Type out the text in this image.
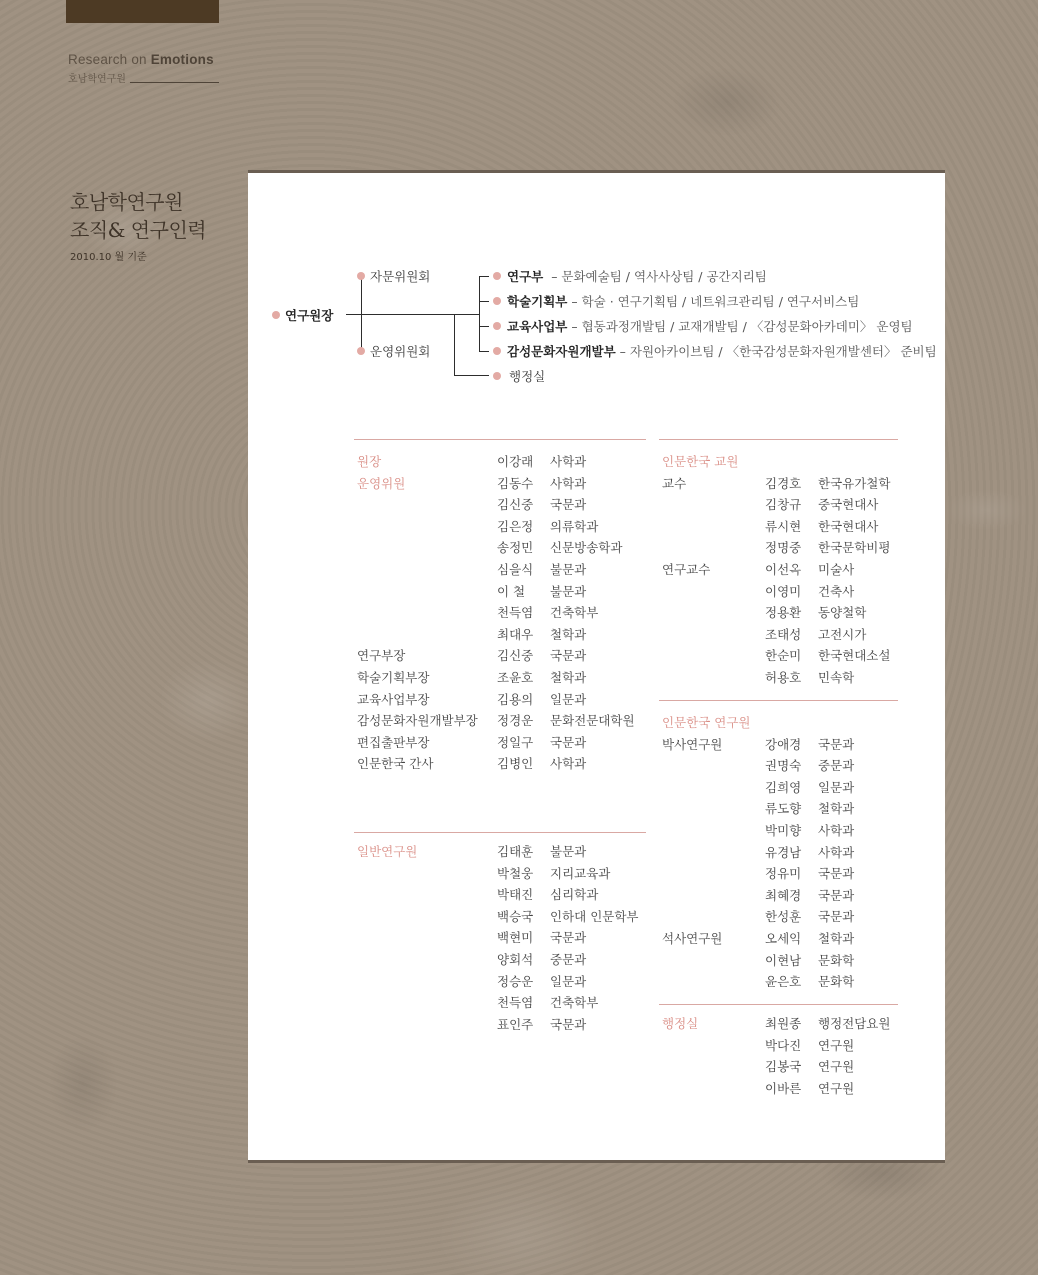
Research on Emotions
호남학연구원
호남학연구원
조직& 연구인력
2010.10 월 기준
연구원장
자문위원회
운영위원회
연구부 – 문화예술팀 / 역사사상팀 / 공간지리팀
학술기획부 – 학술 · 연구기획팀 / 네트워크관리팀 / 연구서비스팀
교육사업부 – 협동과정개발팀 / 교재개발팀 / 〈감성문화아카데미〉 운영팀
감성문화자원개발부 – 자원아카이브팀 / 〈한국감성문화자원개발센터〉 준비팀
행정실
원장	이강래 사학과
운영위원	김동수 사학과
김신중 국문과
김은정 의류학과
송정민 신문방송학과
심을식 불문과
이 철 불문과
천득염 건축학부
최대우 철학과
연구부장	김신중 국문과
학술기획부장	조윤호 철학과
교육사업부장	김용의 일문과
감성문화자원개발부장 정경운 문화전문대학원
편집출판부장	정일구 국문과
인문한국 간사	김병인 사학과
일반연구원	김태훈 불문과
박철웅 지리교육과
박태진 심리학과
백승국 인하대 인문학부
백현미 국문과
양회석 중문과
정승운 일문과
천득염 건축학부
표인주 국문과
인문한국 교원
교수	김경호 한국유가철학
김창규 중국현대사
류시현 한국현대사
정명중 한국문학비평
연구교수	이선옥 미술사
이영미 건축사
정용환 동양철학
조태성 고전시가
한순미 한국현대소설
허용호 민속학
인문한국 연구원
박사연구원	강애경 국문과
권명숙 중문과
김희영 일문과
류도향 철학과
박미향 사학과
유경남 사학과
정유미 국문과
최혜경 국문과
한성훈 국문과
석사연구원	오세익 철학과
이현남 문화학
윤은호 문화학
행정실	최원종 행정전담요원
박다진 연구원
김봉국 연구원
이바른 연구원
